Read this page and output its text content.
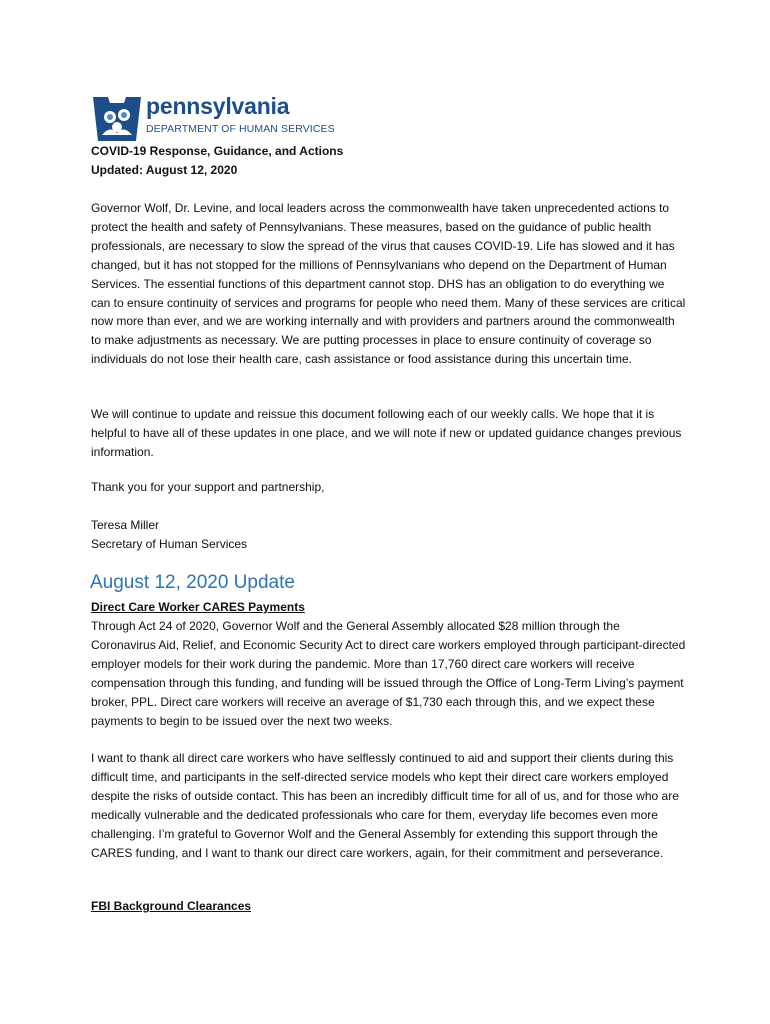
pennsylvania
DEPARTMENT OF HUMAN SERVICES
COVID-19 Response, Guidance, and Actions
Updated: August 12, 2020
Governor Wolf, Dr. Levine, and local leaders across the commonwealth have taken unprecedented actions to protect the health and safety of Pennsylvanians. These measures, based on the guidance of public health professionals, are necessary to slow the spread of the virus that causes COVID-19. Life has slowed and it has changed, but it has not stopped for the millions of Pennsylvanians who depend on the Department of Human Services. The essential functions of this department cannot stop. DHS has an obligation to do everything we can to ensure continuity of services and programs for people who need them. Many of these services are critical now more than ever, and we are working internally and with providers and partners around the commonwealth to make adjustments as necessary. We are putting processes in place to ensure continuity of coverage so individuals do not lose their health care, cash assistance or food assistance during this uncertain time.
We will continue to update and reissue this document following each of our weekly calls. We hope that it is helpful to have all of these updates in one place, and we will note if new or updated guidance changes previous information.
Thank you for your support and partnership,
Teresa Miller
Secretary of Human Services
August 12, 2020 Update
Direct Care Worker CARES Payments
Through Act 24 of 2020, Governor Wolf and the General Assembly allocated $28 million through the Coronavirus Aid, Relief, and Economic Security Act to direct care workers employed through participant-directed employer models for their work during the pandemic. More than 17,760 direct care workers will receive compensation through this funding, and funding will be issued through the Office of Long-Term Living’s payment broker, PPL. Direct care workers will receive an average of $1,730 each through this, and we expect these payments to begin to be issued over the next two weeks.
I want to thank all direct care workers who have selflessly continued to aid and support their clients during this difficult time, and participants in the self-directed service models who kept their direct care workers employed despite the risks of outside contact. This has been an incredibly difficult time for all of us, and for those who are medically vulnerable and the dedicated professionals who care for them, everyday life becomes even more challenging. I’m grateful to Governor Wolf and the General Assembly for extending this support through the CARES funding, and I want to thank our direct care workers, again, for their commitment and perseverance.
FBI Background Clearances
